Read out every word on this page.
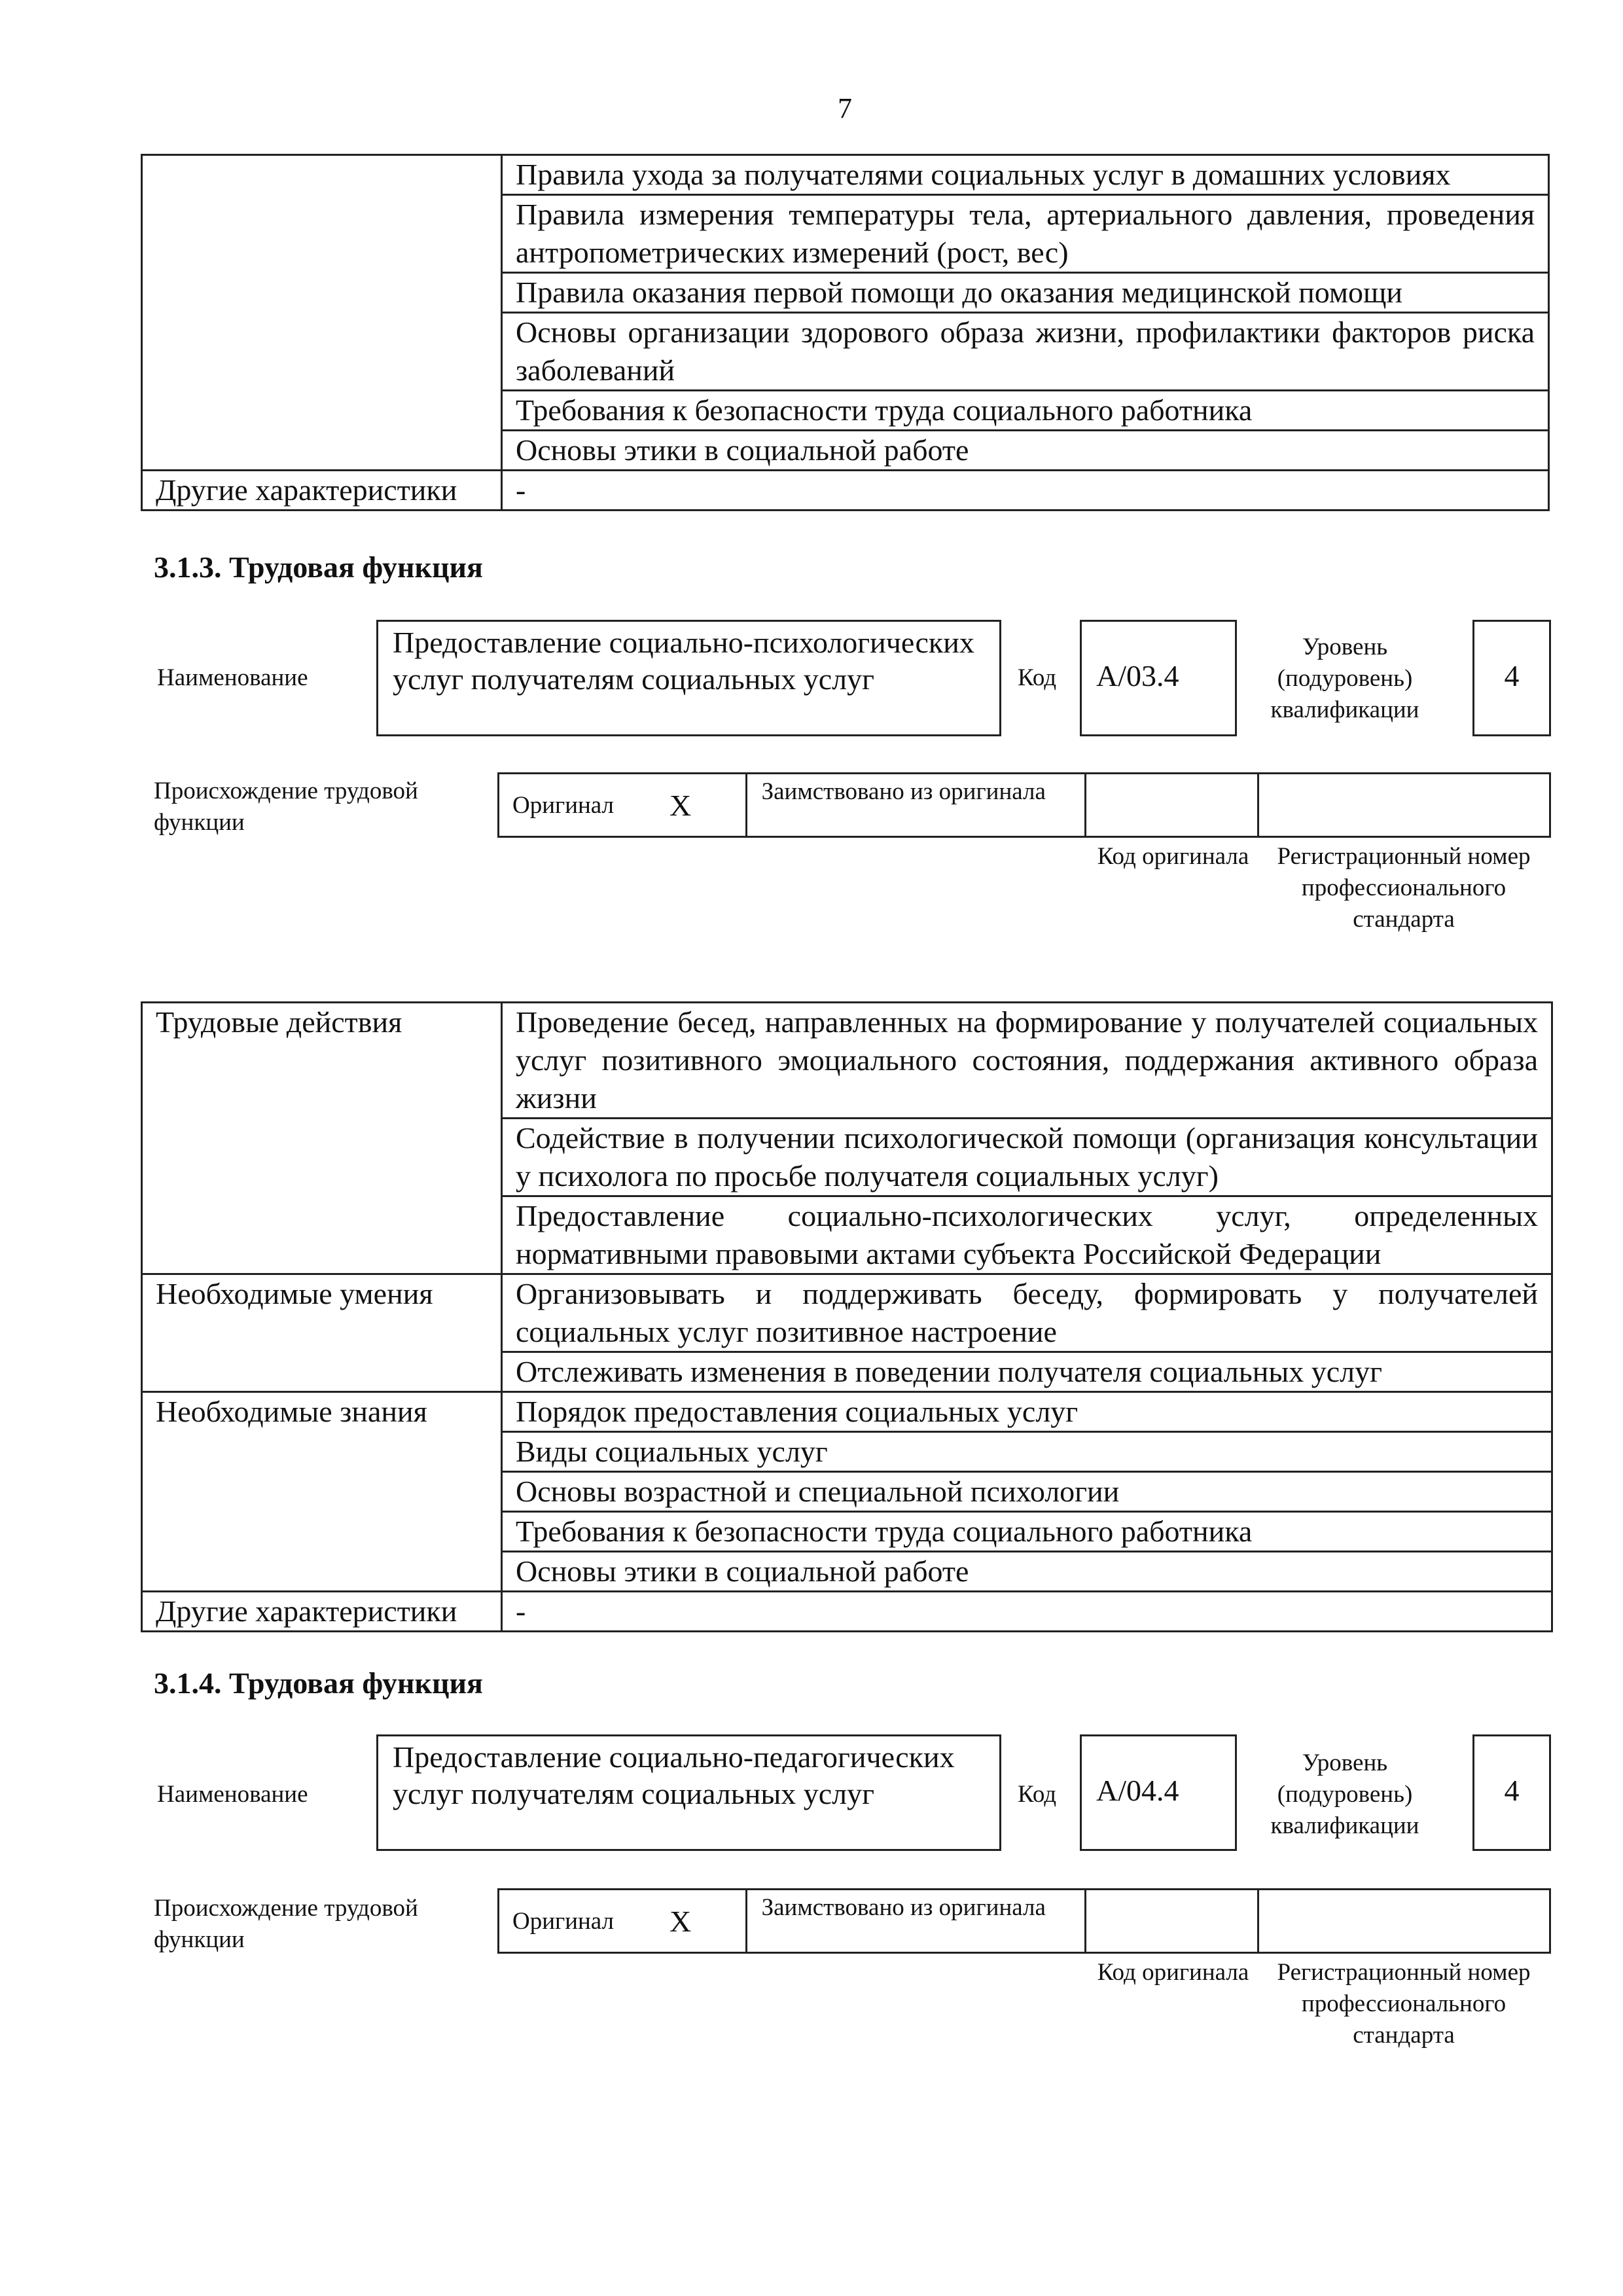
7
	Правила ухода за получателями социальных услуг в домашних условиях
	Правила измерения температуры тела, артериального давления, проведения антропометрических измерений (рост, вес)
	Правила оказания первой помощи до оказания медицинской помощи
	Основы организации здорового образа жизни, профилактики факторов риска заболеваний
	Требования к безопасности труда социального работника
	Основы этики в социальной работе
Другие характеристики	-
3.1.3. Трудовая функция
Наименование
Предоставление социально-психологических услуг получателям социальных услуг	Код	А/03.4
Уровень (подуровень) квалификации
4
Происхождение трудовой функции
Оригинал	X	Заимствовано из оригинала
Код оригинала	Регистрационный номер профессионального стандарта
Трудовые действия	Проведение бесед, направленных на формирование у получателей социальных услуг позитивного эмоциального состояния, поддержания активного образа жизни
	Содействие в получении психологической помощи (организация консультации у психолога по просьбе получателя социальных услуг)
	Предоставление социально-психологических услуг, определенных нормативными правовыми актами субъекта Российской Федерации
Необходимые умения	Организовывать и поддерживать беседу, формировать у получателей социальных услуг позитивное настроение
	Отслеживать изменения в поведении получателя социальных услуг
Необходимые знания	Порядок предоставления социальных услуг
	Виды социальных услуг
	Основы возрастной и специальной психологии
	Требования к безопасности труда социального работника
	Основы этики в социальной работе
Другие характеристики	-
3.1.4. Трудовая функция
Наименование
Предоставление социально-педагогических услуг получателям социальных услуг	Код	А/04.4
Уровень (подуровень) квалификации
4
Происхождение трудовой функции
Оригинал	X	Заимствовано из оригинала
Код оригинала	Регистрационный номер профессионального стандарта
